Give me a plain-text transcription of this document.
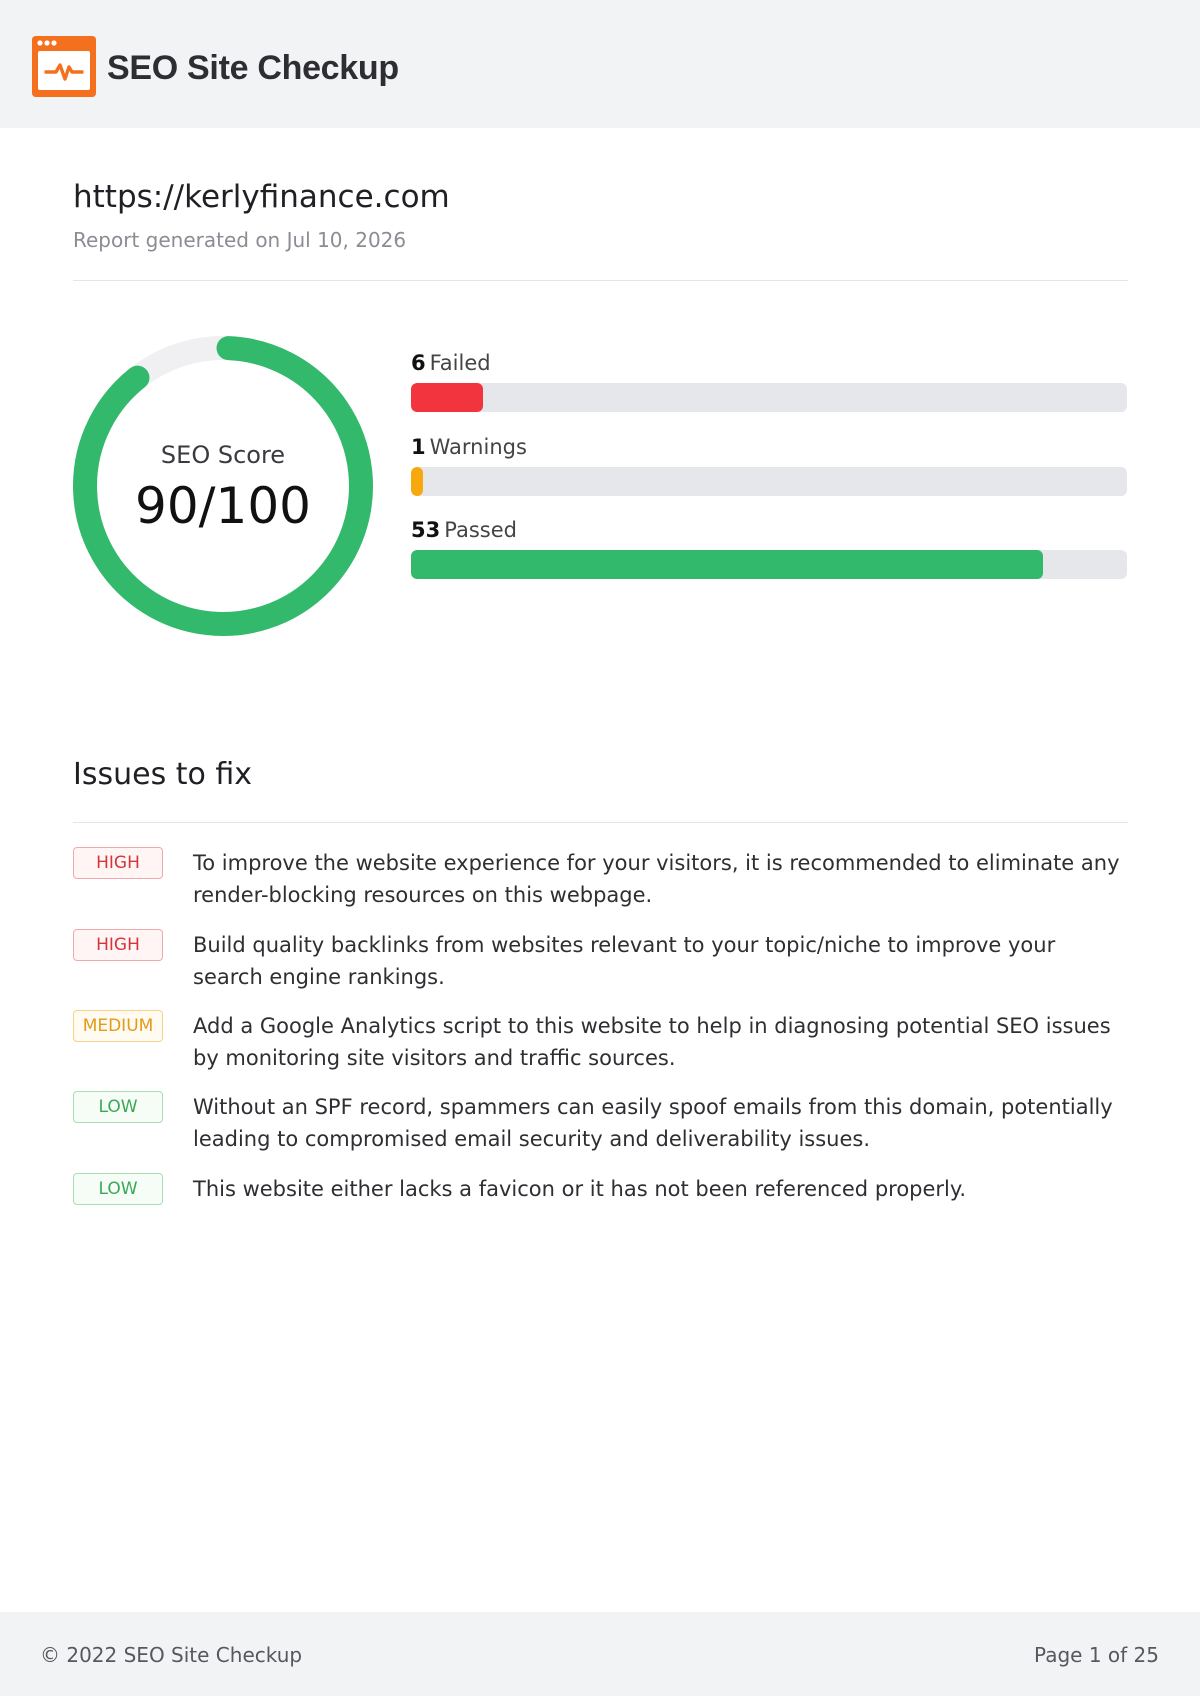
SEO Site Checkup
https://kerlyfinance.com
Report generated on Jul 10, 2026
SEO Score
90/100
6 Failed
1 Warnings
53 Passed
Issues to fix
HIGH	To improve the website experience for your visitors, it is recommended to eliminate any render-blocking resources on this webpage.
HIGH	Build quality backlinks from websites relevant to your topic/niche to improve your search engine rankings.
MEDIUM	Add a Google Analytics script to this website to help in diagnosing potential SEO issues by monitoring site visitors and traffic sources.
LOW	Without an SPF record, spammers can easily spoof emails from this domain, potentially leading to compromised email security and deliverability issues.
LOW	This website either lacks a favicon or it has not been referenced properly.
© 2022 SEO Site Checkup	Page 1 of 25
